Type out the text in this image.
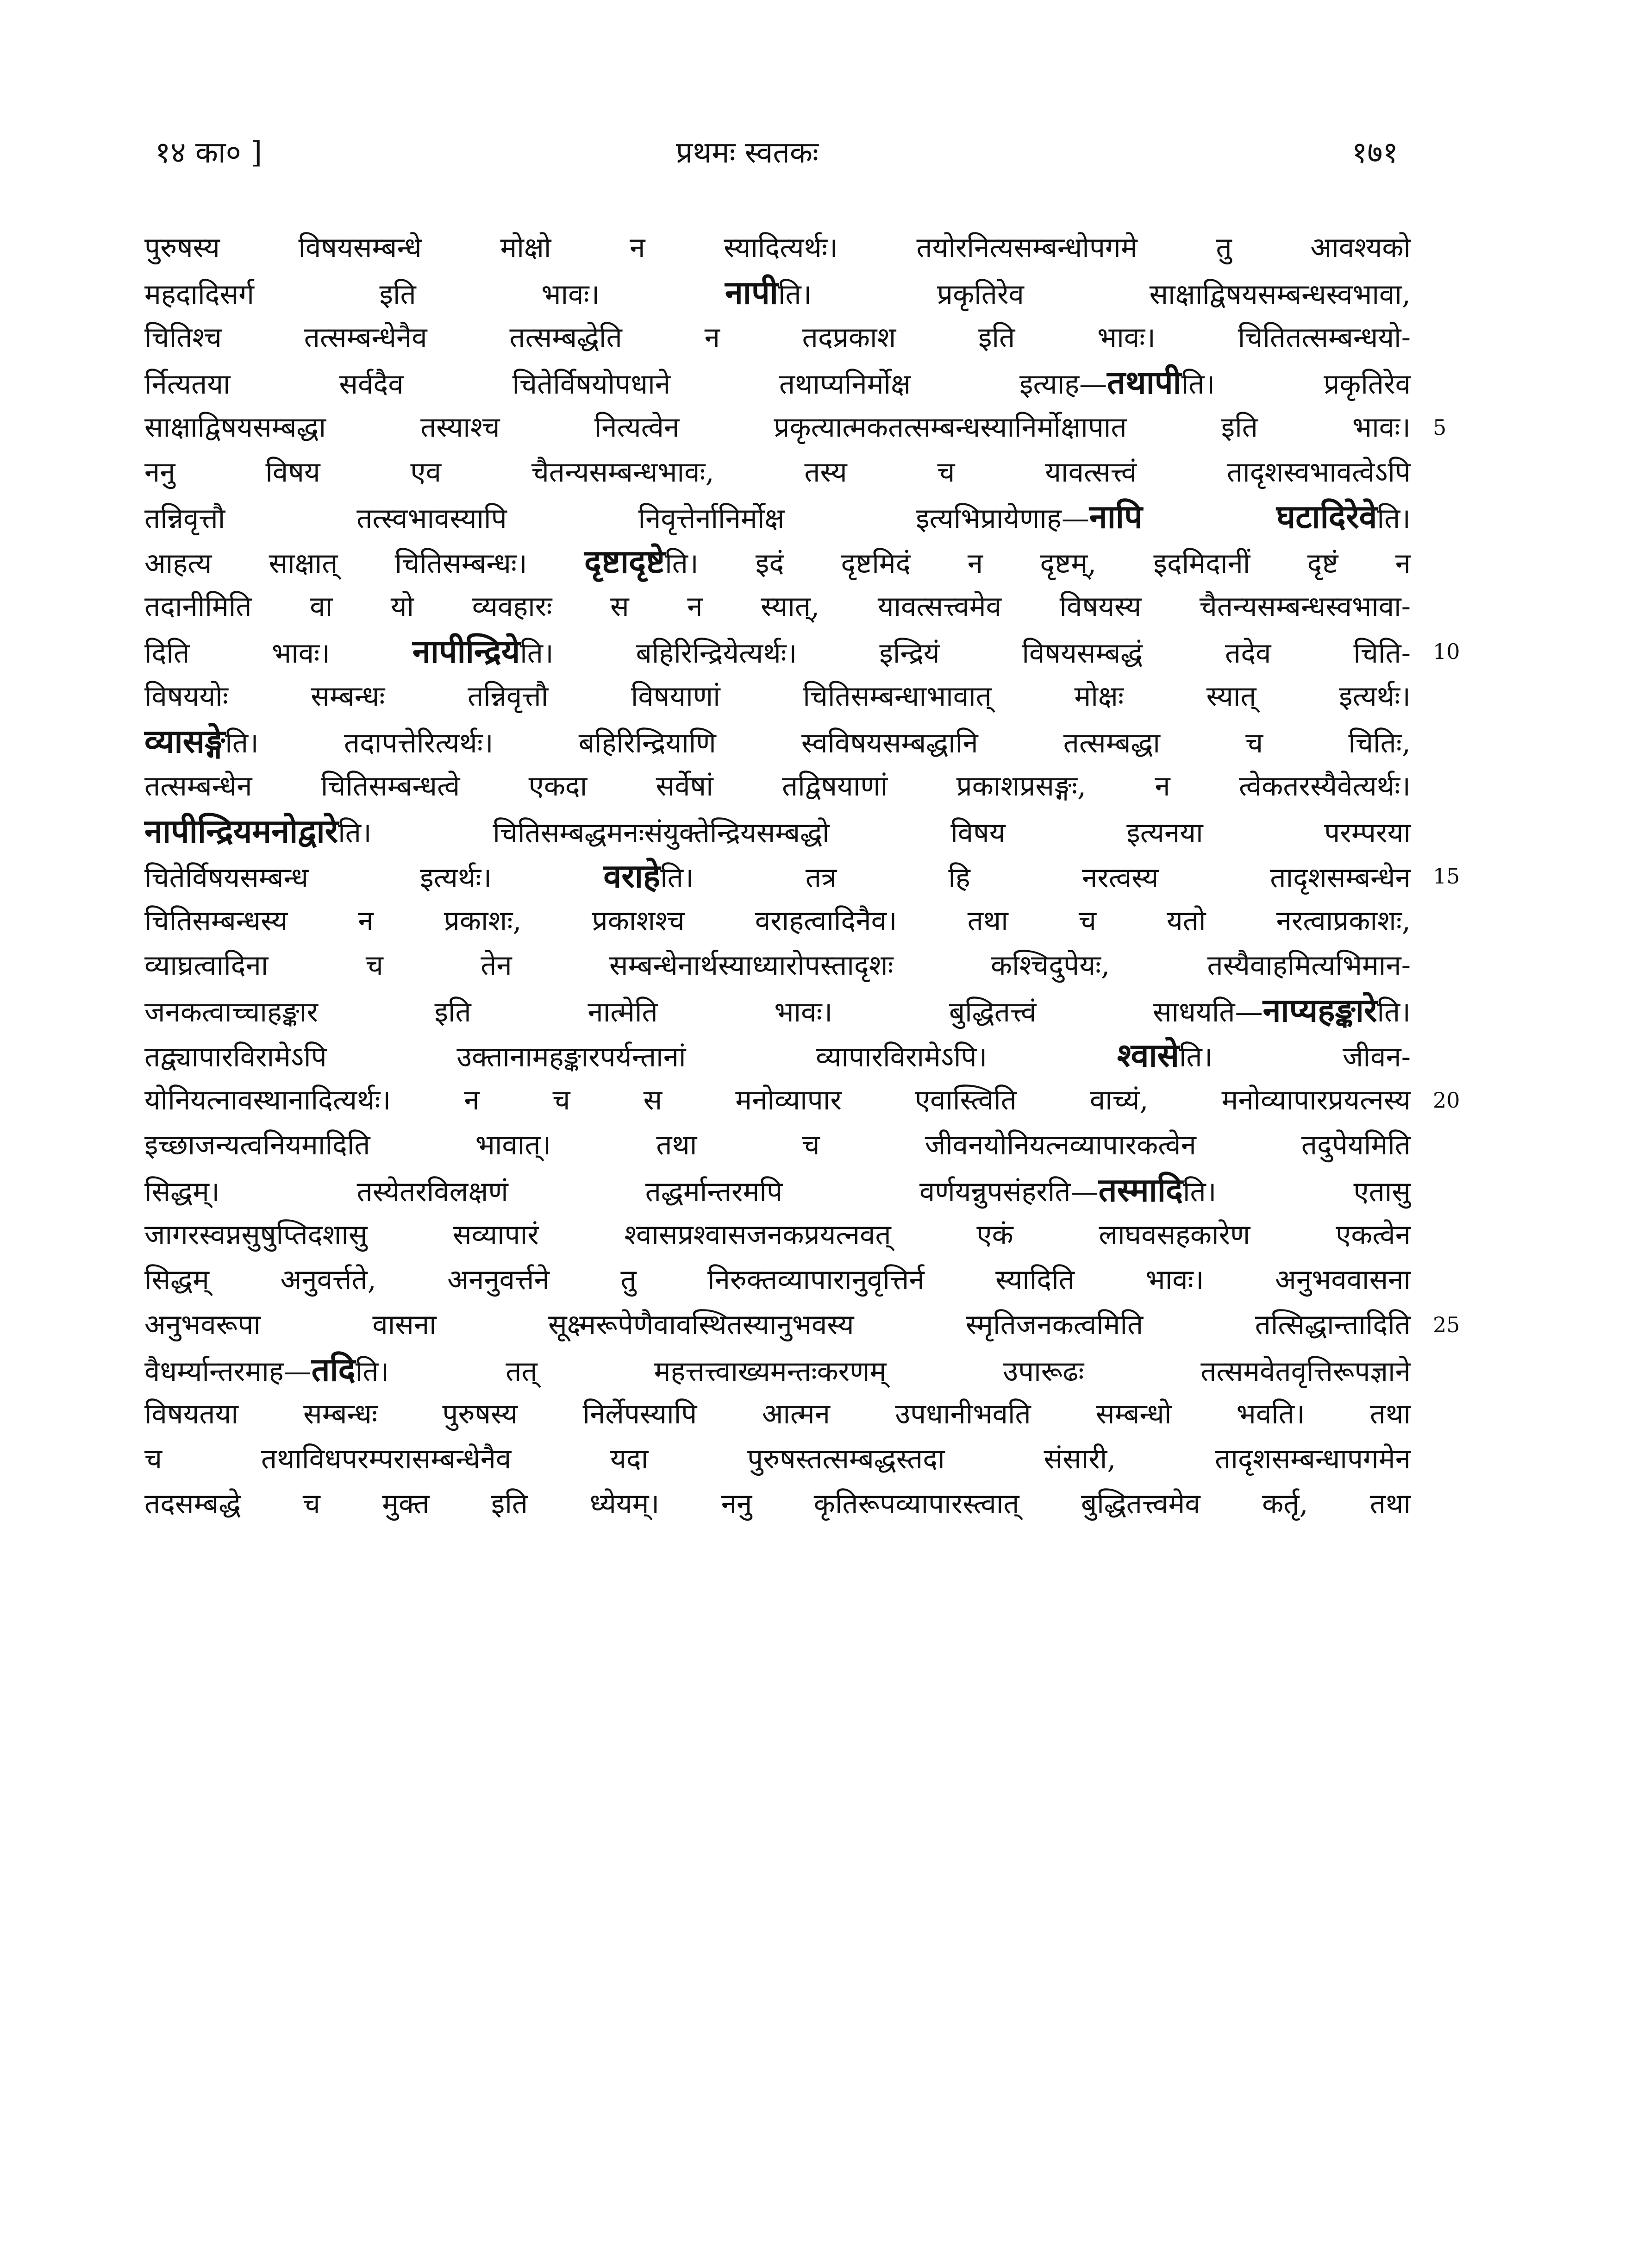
१४ का० ]	प्रथमः स्वतकः	१७१
पुरुषस्य विषयसम्बन्धे मोक्षो न स्यादित्यर्थः। तयोरनित्यसम्बन्धोपगमे तु आवश्यको
महदादिसर्ग इति भावः। नापीति। प्रकृतिरेव साक्षाद्विषयसम्बन्धस्वभावा,
चितिश्च तत्सम्बन्धेनैव तत्सम्बद्धेति न तदप्रकाश इति भावः। चितितत्सम्बन्धयो-
र्नित्यतया सर्वदैव चितेर्विषयोपधाने तथाप्यनिर्मोक्ष इत्याह—तथापीति। प्रकृतिरेव
साक्षाद्विषयसम्बद्धा तस्याश्च नित्यत्वेन प्रकृत्यात्मकतत्सम्बन्धस्यानिर्मोक्षापात इति भावः। 5
ननु विषय एव चैतन्यसम्बन्धभावः, तस्य च यावत्सत्त्वं तादृशस्वभावत्वेऽपि
तन्निवृत्तौ तत्स्वभावस्यापि निवृत्तेर्नानिर्मोक्ष इत्यभिप्रायेणाह—नापि घटादिरेवेति।
आहत्य साक्षात् चितिसम्बन्धः। दृष्टादृष्टेति। इदं दृष्टमिदं न दृष्टम्, इदमिदानीं दृष्टं न
तदानीमिति वा यो व्यवहारः स न स्यात्, यावत्सत्त्वमेव विषयस्य चैतन्यसम्बन्धस्वभावा-
दिति भावः। नापीन्द्रियेति। बहिरिन्द्रियेत्यर्थः। इन्द्रियं विषयसम्बद्धं तदेव चिति- 10
विषययोः सम्बन्धः तन्निवृत्तौ विषयाणां चितिसम्बन्धाभावात् मोक्षः स्यात् इत्यर्थः।
व्यासङ्गेति। तदापत्तेरित्यर्थः। बहिरिन्द्रियाणि स्वविषयसम्बद्धानि तत्सम्बद्धा च चितिः,
तत्सम्बन्धेन चितिसम्बन्धत्वे एकदा सर्वेषां तद्विषयाणां प्रकाशप्रसङ्गः, न त्वेकतरस्यैवेत्यर्थः।
नापीन्द्रियमनोद्वारेति। चितिसम्बद्धमनःसंयुक्तेन्द्रियसम्बद्धो विषय इत्यनया परम्परया
चितेर्विषयसम्बन्ध इत्यर्थः। वराहेति। तत्र हि नरत्वस्य तादृशसम्बन्धेन 15
चितिसम्बन्धस्य न प्रकाशः, प्रकाशश्च वराहत्वादिनैव। तथा च यतो नरत्वाप्रकाशः,
व्याघ्रत्वादिना च तेन सम्बन्धेनार्थस्याध्यारोपस्तादृशः कश्चिदुपेयः, तस्यैवाहमित्यभिमान-
जनकत्वाच्चाहङ्कार इति नात्मेति भावः। बुद्धितत्त्वं साधयति—नाप्यहङ्कारेति।
तद्व्यापारविरामेऽपि उक्तानामहङ्कारपर्यन्तानां व्यापारविरामेऽपि। श्वासेति। जीवन-
योनियत्नावस्थानादित्यर्थः। न च स मनोव्यापार एवास्त्विति वाच्यं, मनोव्यापारप्रयत्नस्य 20
इच्छाजन्यत्वनियमादिति भावात्। तथा च जीवनयोनियत्नव्यापारकत्वेन तदुपेयमिति
सिद्धम्। तस्येतरविलक्षणं तद्धर्मान्तरमपि वर्णयन्नुपसंहरति—तस्मादिति। एतासु
जागरस्वप्नसुषुप्तिदशासु सव्यापारं श्वासप्रश्वासजनकप्रयत्नवत् एकं लाघवसहकारेण एकत्वेन
सिद्धम् अनुवर्त्तते, अननुवर्त्तने तु निरुक्तव्यापारानुवृत्तिर्न स्यादिति भावः। अनुभववासना
अनुभवरूपा वासना सूक्ष्मरूपेणैवावस्थितस्यानुभवस्य स्मृतिजनकत्वमिति तत्सिद्धान्तादिति 25
वैधर्म्यान्तरमाह—तदिति। तत् महत्तत्त्वाख्यमन्तःकरणम् उपारूढः तत्समवेतवृत्तिरूपज्ञाने
विषयतया सम्बन्धः पुरुषस्य निर्लेपस्यापि आत्मन उपधानीभवति सम्बन्धो भवति। तथा
च तथाविधपरम्परासम्बन्धेनैव यदा पुरुषस्तत्सम्बद्धस्तदा संसारी, तादृशसम्बन्धापगमेन
तदसम्बद्धे च मुक्त इति ध्येयम्। ननु कृतिरूपव्यापारस्त्वात् बुद्धितत्त्वमेव कर्तृ, तथा
